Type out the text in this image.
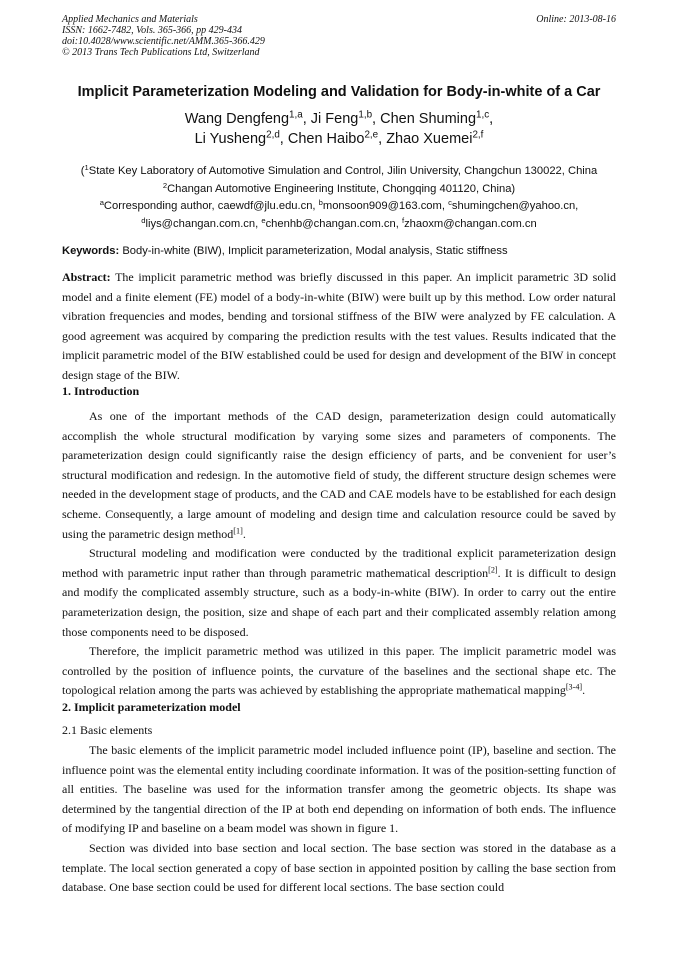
Applied Mechanics and Materials	Online: 2013-08-16
ISSN: 1662-7482, Vols. 365-366, pp 429-434
doi:10.4028/www.scientific.net/AMM.365-366.429
© 2013 Trans Tech Publications Ltd, Switzerland
Implicit Parameterization Modeling and Validation for Body-in-white of a Car
Wang Dengfeng$^{1,a}$, Ji Feng$^{1,b}$, Chen Shuming$^{1,c}$,
Li Yusheng$^{2,d}$, Chen Haibo$^{2,e}$, Zhao Xuemei$^{2,f}$
($^1$State Key Laboratory of Automotive Simulation and Control, Jilin University, Changchun 130022, China
$^2$Changan Automotive Engineering Institute, Chongqing 401120, China)
$^a$Corresponding author, caewdf@jlu.edu.cn, $^b$monsoon909@163.com, $^c$shumingchen@yahoo.cn,
$^d$liys@changan.com.cn, $^e$chenhb@changan.com.cn, $^f$zhaoxm@changan.com.cn
Keywords: Body-in-white (BIW), Implicit parameterization, Modal analysis, Static stiffness

Abstract: The implicit parametric method was briefly discussed in this paper. An implicit parametric 3D solid model and a finite element (FE) model of a body-in-white (BIW) were built up by this method. Low order natural vibration frequencies and modes, bending and torsional stiffness of the BIW were analyzed by FE calculation. A good agreement was acquired by comparing the prediction results with the test values. Results indicated that the implicit parametric model of the BIW established could be used for design and development of the BIW in concept design stage of the BIW.

1. Introduction

As one of the important methods of the CAD design, parameterization design could automatically accomplish the whole structural modification by varying some sizes and parameters of components. The parameterization design could significantly raise the design efficiency of parts, and be convenient for user’s structural modification and redesign. In the automotive field of study, the different structure design schemes were needed in the development stage of products, and the CAD and CAE models have to be established for each design scheme. Consequently, a large amount of modeling and design time and calculation resource could be saved by using the parametric design method[1].

Structural modeling and modification were conducted by the traditional explicit parameterization design method with parametric input rather than through parametric mathematical description[2]. It is difficult to design and modify the complicated assembly structure, such as a body-in-white (BIW). In order to carry out the entire parameterization design, the position, size and shape of each part and their complicated assembly relation among those components need to be disposed.

Therefore, the implicit parametric method was utilized in this paper. The implicit parametric model was controlled by the position of influence points, the curvature of the baselines and the sectional shape etc. The topological relation among the parts was achieved by establishing the appropriate mathematical mapping[3-4].

2. Implicit parameterization model
2.1 Basic elements

The basic elements of the implicit parametric model included influence point (IP), baseline and section. The influence point was the elemental entity including coordinate information. It was of the position-setting function of all entities. The baseline was used for the information transfer among the geometric objects. Its shape was determined by the tangential direction of the IP at both end depending on information of both ends. The influence of modifying IP and baseline on a beam model was shown in figure 1.

Section was divided into base section and local section. The base section was stored in the database as a template. The local section generated a copy of base section in appointed position by calling the base section from database. One base section could be used for different local sections. The base section could
